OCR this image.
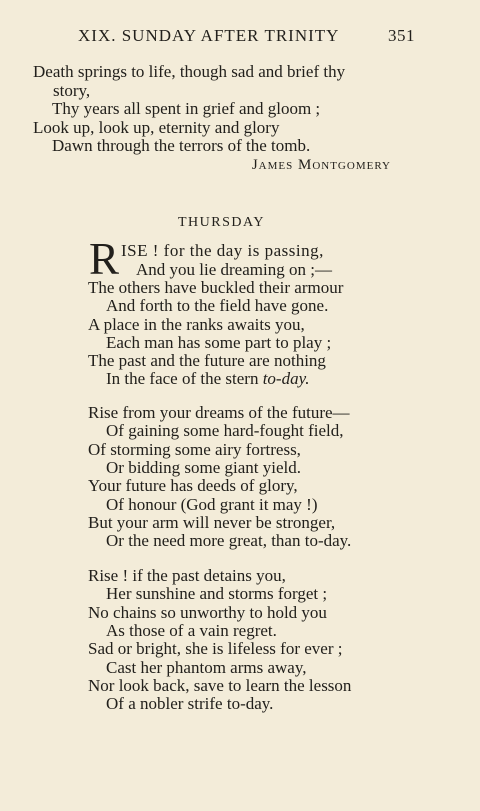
XIX. SUNDAY AFTER TRINITY	351
Death springs to life, though sad and brief thy
story,
Thy years all spent in grief and gloom ;
Look up, look up, eternity and glory
Dawn through the terrors of the tomb.
James Montgomery
THURSDAY
R ISE ! for the day is passing,
And you lie dreaming on ;—
The others have buckled their armour
And forth to the field have gone.
A place in the ranks awaits you,
Each man has some part to play ;
The past and the future are nothing
In the face of the stern to-day.
Rise from your dreams of the future—
Of gaining some hard-fought field,
Of storming some airy fortress,
Or bidding some giant yield.
Your future has deeds of glory,
Of honour (God grant it may !)
But your arm will never be stronger,
Or the need more great, than to-day.
Rise ! if the past detains you,
Her sunshine and storms forget ;
No chains so unworthy to hold you
As those of a vain regret.
Sad or bright, she is lifeless for ever ;
Cast her phantom arms away,
Nor look back, save to learn the lesson
Of a nobler strife to-day.
